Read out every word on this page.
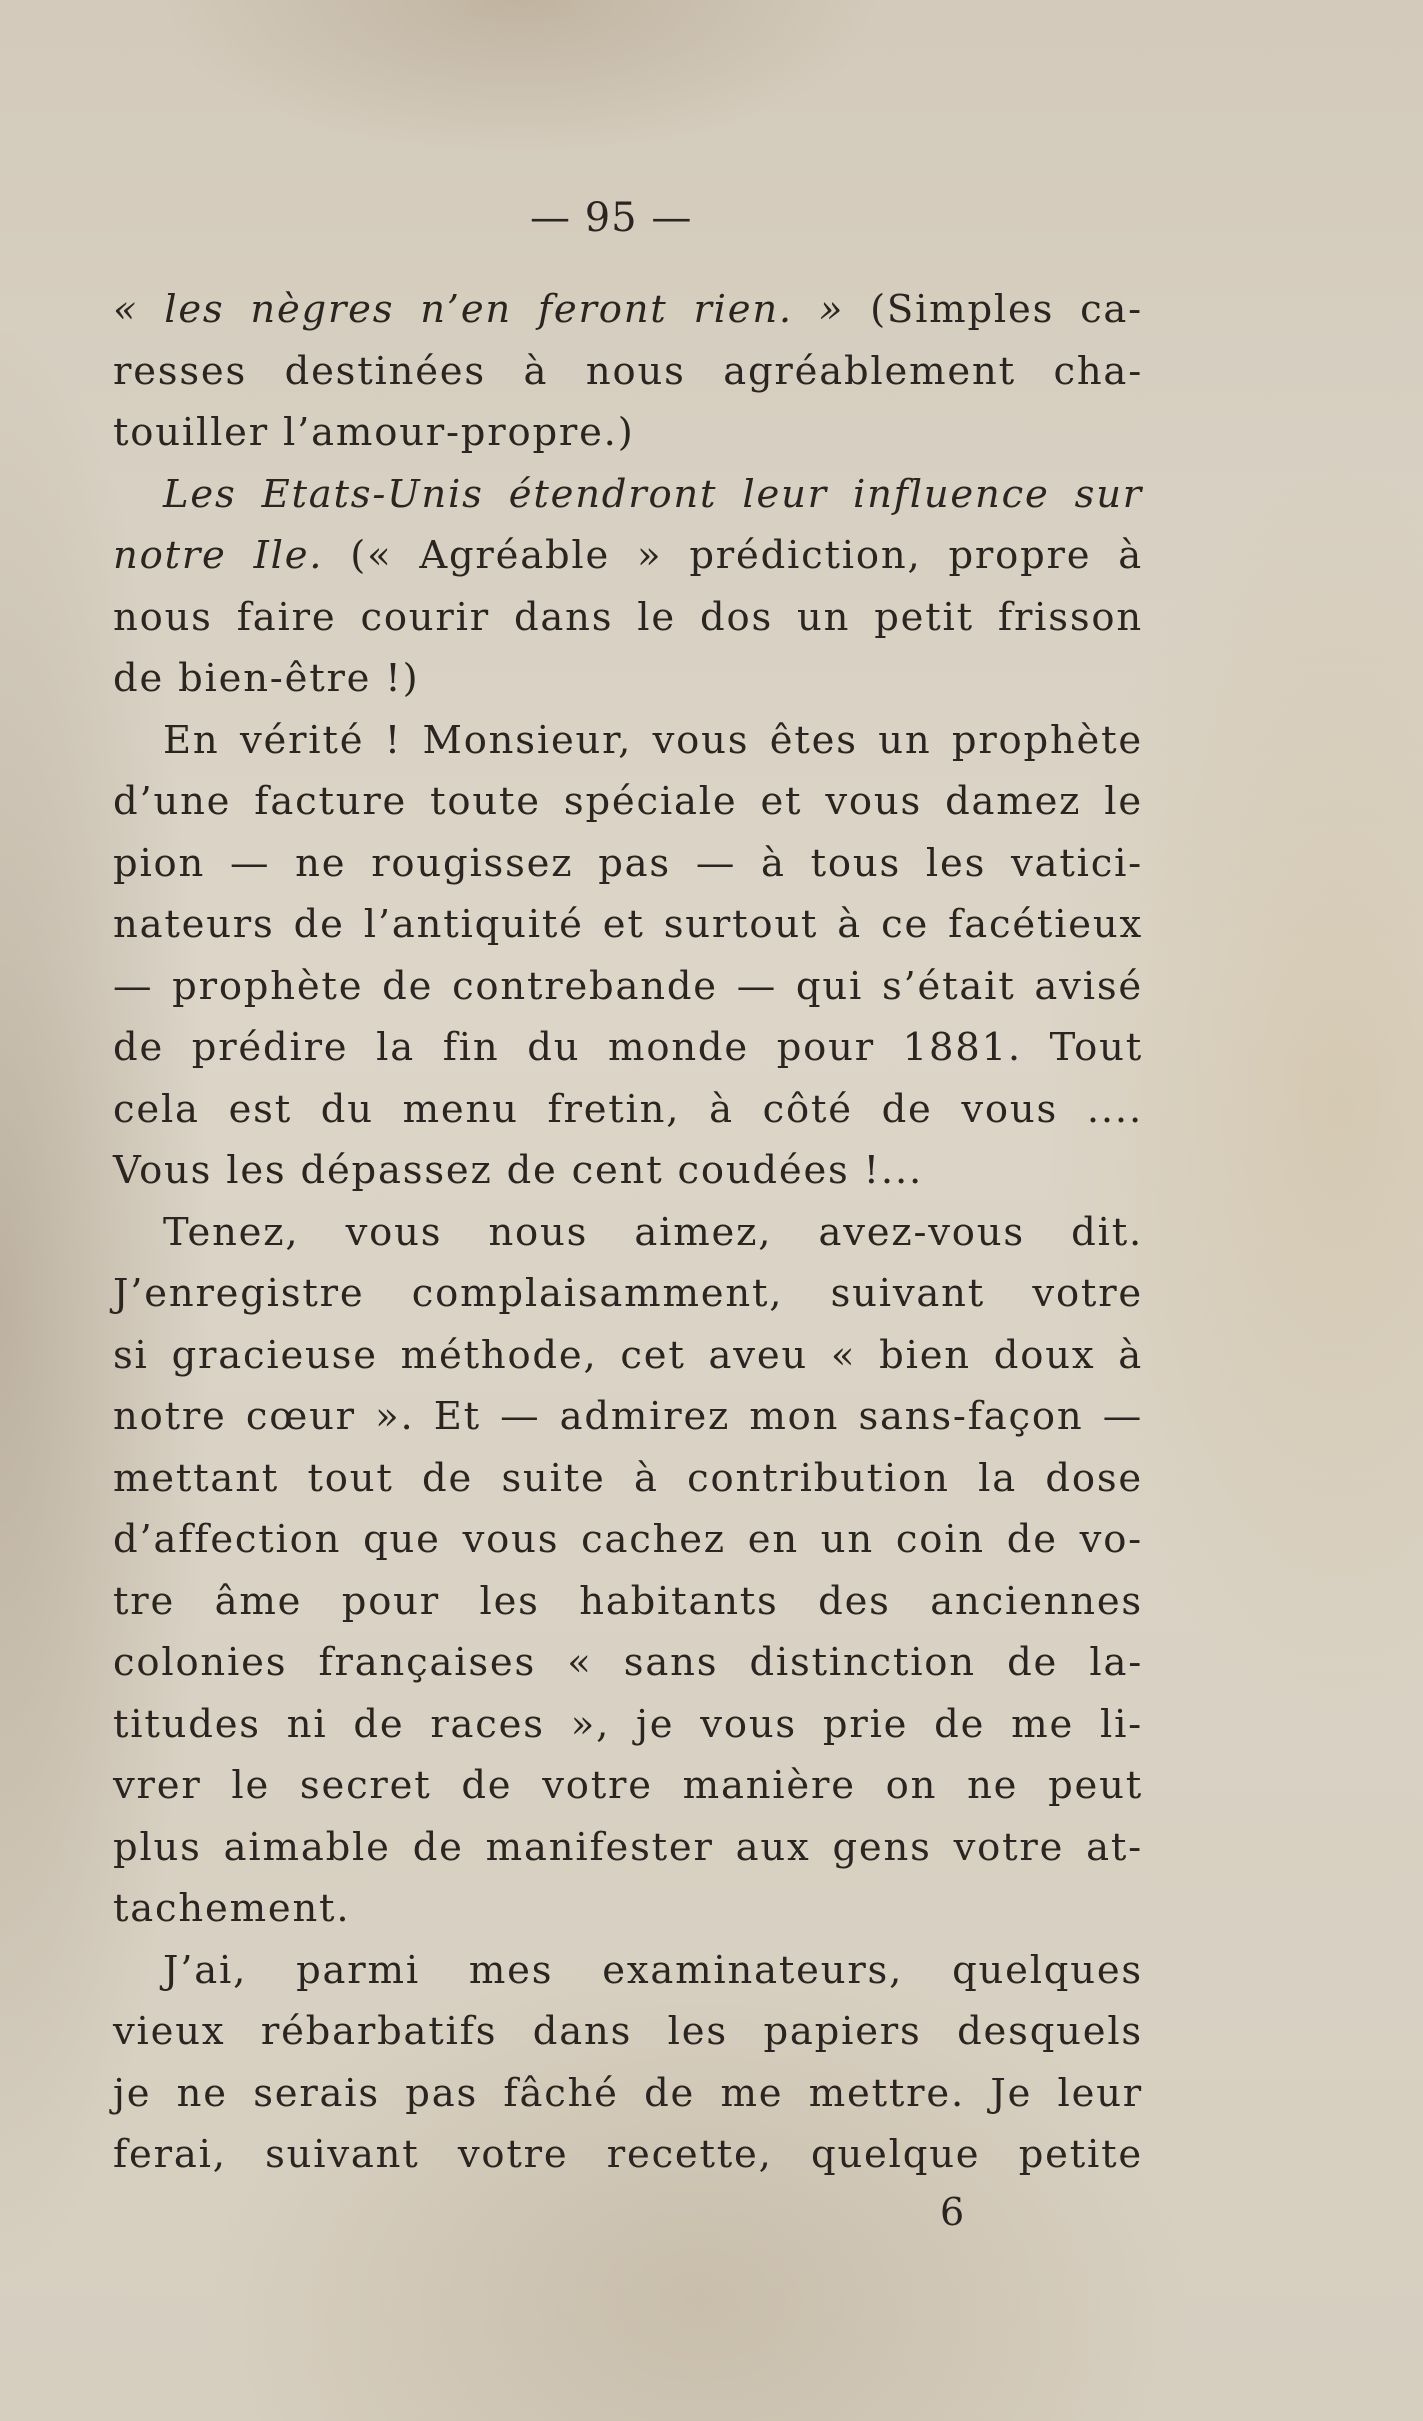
— 95 —
« les nègres n’en feront rien. » (Simples ca-
resses destinées à nous agréablement cha-
touiller l’amour-propre.)
Les Etats-Unis étendront leur influence sur
notre Ile. (« Agréable » prédiction, propre à
nous faire courir dans le dos un petit frisson
de bien-être !)
En vérité ! Monsieur, vous êtes un prophète
d’une facture toute spéciale et vous damez le
pion — ne rougissez pas — à tous les vatici-
nateurs de l’antiquité et surtout à ce facétieux
— prophète de contrebande — qui s’était avisé
de prédire la fin du monde pour 1881. Tout
cela est du menu fretin, à côté de vous ....
Vous les dépassez de cent coudées !...
Tenez, vous nous aimez, avez-vous dit.
J’enregistre complaisamment, suivant votre
si gracieuse méthode, cet aveu « bien doux à
notre cœur ». Et — admirez mon sans-façon —
mettant tout de suite à contribution la dose
d’affection que vous cachez en un coin de vo-
tre âme pour les habitants des anciennes
colonies françaises « sans distinction de la-
titudes ni de races », je vous prie de me li-
vrer le secret de votre manière on ne peut
plus aimable de manifester aux gens votre at-
tachement.
J’ai, parmi mes examinateurs, quelques
vieux rébarbatifs dans les papiers desquels
je ne serais pas fâché de me mettre. Je leur
ferai, suivant votre recette, quelque petite
6
